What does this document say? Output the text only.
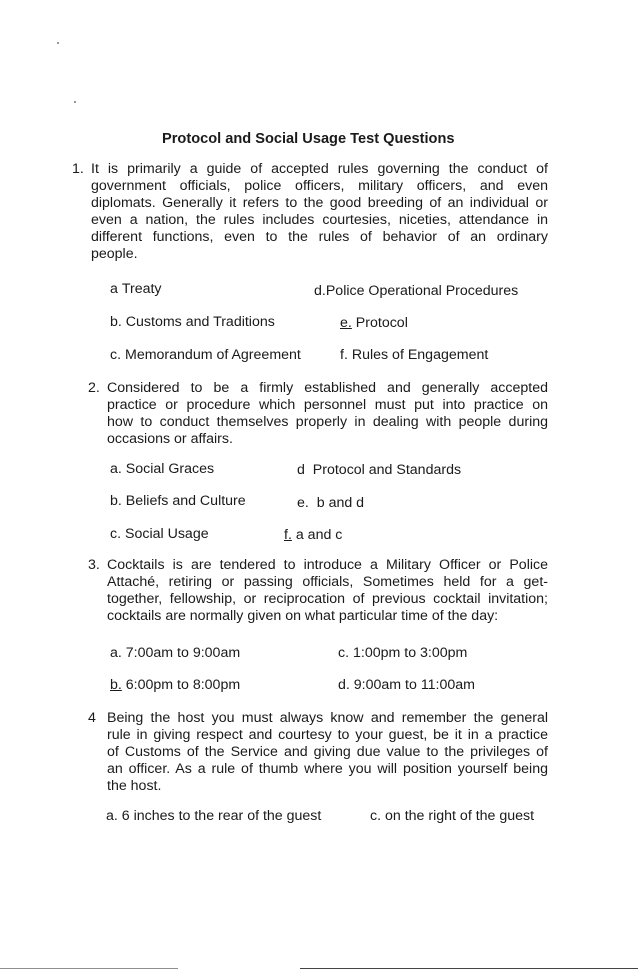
Protocol and Social Usage Test Questions
1. It is primarily a guide of accepted rules governing the conduct of
government officials, police officers, military officers, and even
diplomats. Generally it refers to the good breeding of an individual or
even a nation, the rules includes courtesies, niceties, attendance in
different functions, even to the rules of behavior of an ordinary
people.
a Treaty	d.Police Operational Procedures
b. Customs and Traditions	e. Protocol
c. Memorandum of Agreement	f. Rules of Engagement
2. Considered to be a firmly established and generally accepted
practice or procedure which personnel must put into practice on
how to conduct themselves properly in dealing with people during
occasions or affairs.
a. Social Graces	d Protocol and Standards
b. Beliefs and Culture	e. b and d
c. Social Usage	f. a and c
3. Cocktails is are tendered to introduce a Military Officer or Police
Attaché, retiring or passing officials, Sometimes held for a get-
together, fellowship, or reciprocation of previous cocktail invitation;
cocktails are normally given on what particular time of the day:
a. 7:00am to 9:00am	c. 1:00pm to 3:00pm
b. 6:00pm to 8:00pm	d. 9:00am to 11:00am
4 Being the host you must always know and remember the general
rule in giving respect and courtesy to your guest, be it in a practice
of Customs of the Service and giving due value to the privileges of
an officer. As a rule of thumb where you will position yourself being
the host.
a. 6 inches to the rear of the guest	c. on the right of the guest
